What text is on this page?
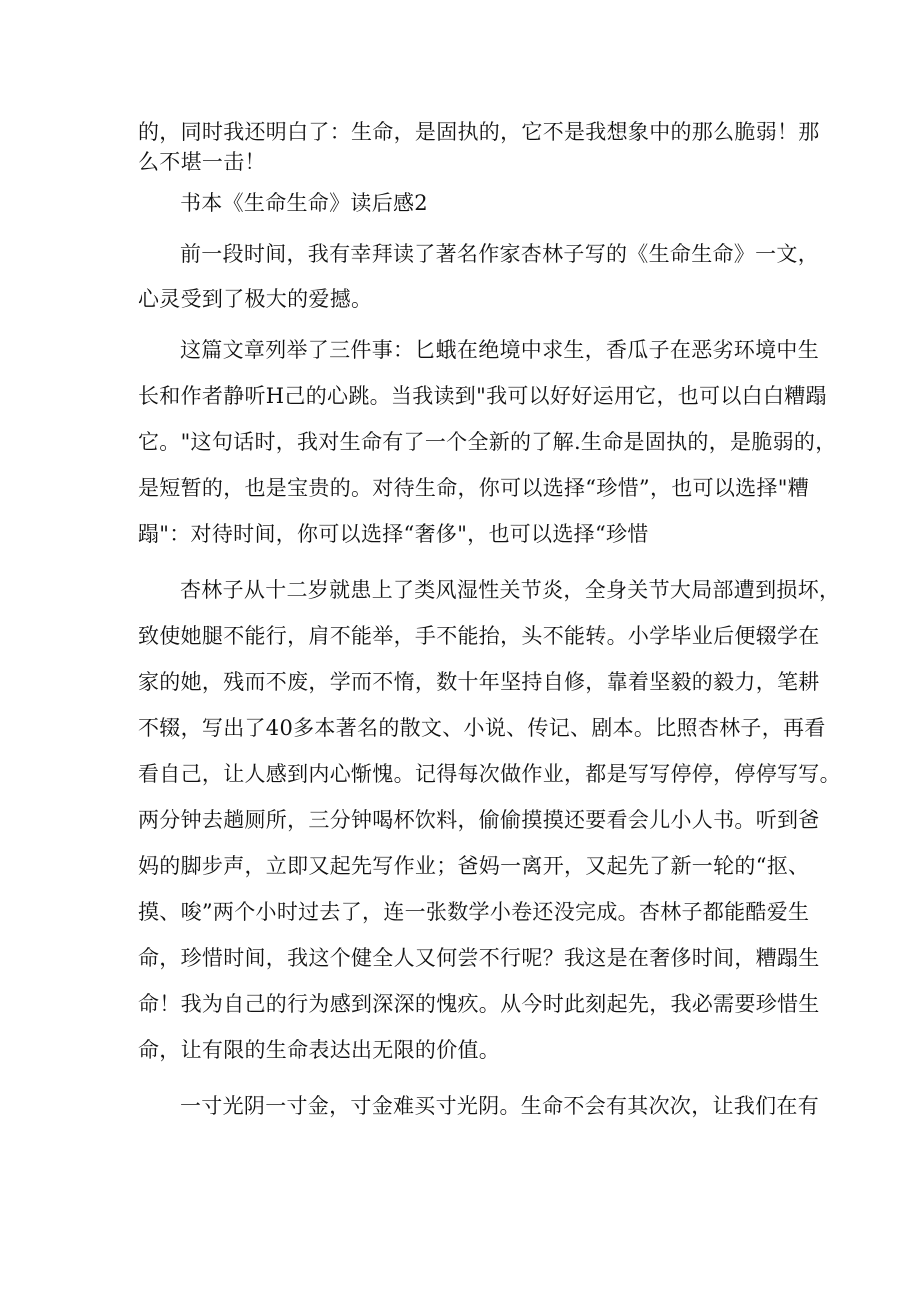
的，同时我还明白了：生命，是固执的，它不是我想象中的那么脆弱！那
么不堪一击！
书本《生命生命》读后感2
前一段时间，我有幸拜读了著名作家杏林子写的《生命生命》一文，
心灵受到了极大的爱撼。
这篇文章列举了三件事：匕蛾在绝境中求生，香瓜子在恶劣环境中生
长和作者静听H己的心跳。当我读到"我可以好好运用它，也可以白白糟蹋
它。"这句话时，我对生命有了一个全新的了解.生命是固执的，是脆弱的，
是短暂的，也是宝贵的。对待生命，你可以选择“珍惜”，也可以选择"糟
蹋"：对待时间，你可以选择“奢侈"，也可以选择“珍惜
杏林子从十二岁就患上了类风湿性关节炎，全身关节大局部遭到损坏，
致使她腿不能行，肩不能举，手不能抬，头不能转。小学毕业后便辍学在
家的她，残而不废，学而不惰，数十年坚持自修，靠着坚毅的毅力，笔耕
不辍，写出了40多本著名的散文、小说、传记、剧本。比照杏林子，再看
看自己，让人感到内心惭愧。记得每次做作业，都是写写停停，停停写写。
两分钟去趟厕所，三分钟喝杯饮料，偷偷摸摸还要看会儿小人书。听到爸
妈的脚步声，立即又起先写作业；爸妈一离开，又起先了新一轮的“抠、
摸、唆”两个小时过去了，连一张数学小卷还没完成。杏林子都能酷爱生
命，珍惜时间，我这个健全人又何尝不行呢？我这是在奢侈时间，糟蹋生
命！我为自己的行为感到深深的愧疚。从今时此刻起先，我必需要珍惜生
命，让有限的生命表达出无限的价值。
一寸光阴一寸金，寸金难买寸光阴。生命不会有其次次，让我们在有
